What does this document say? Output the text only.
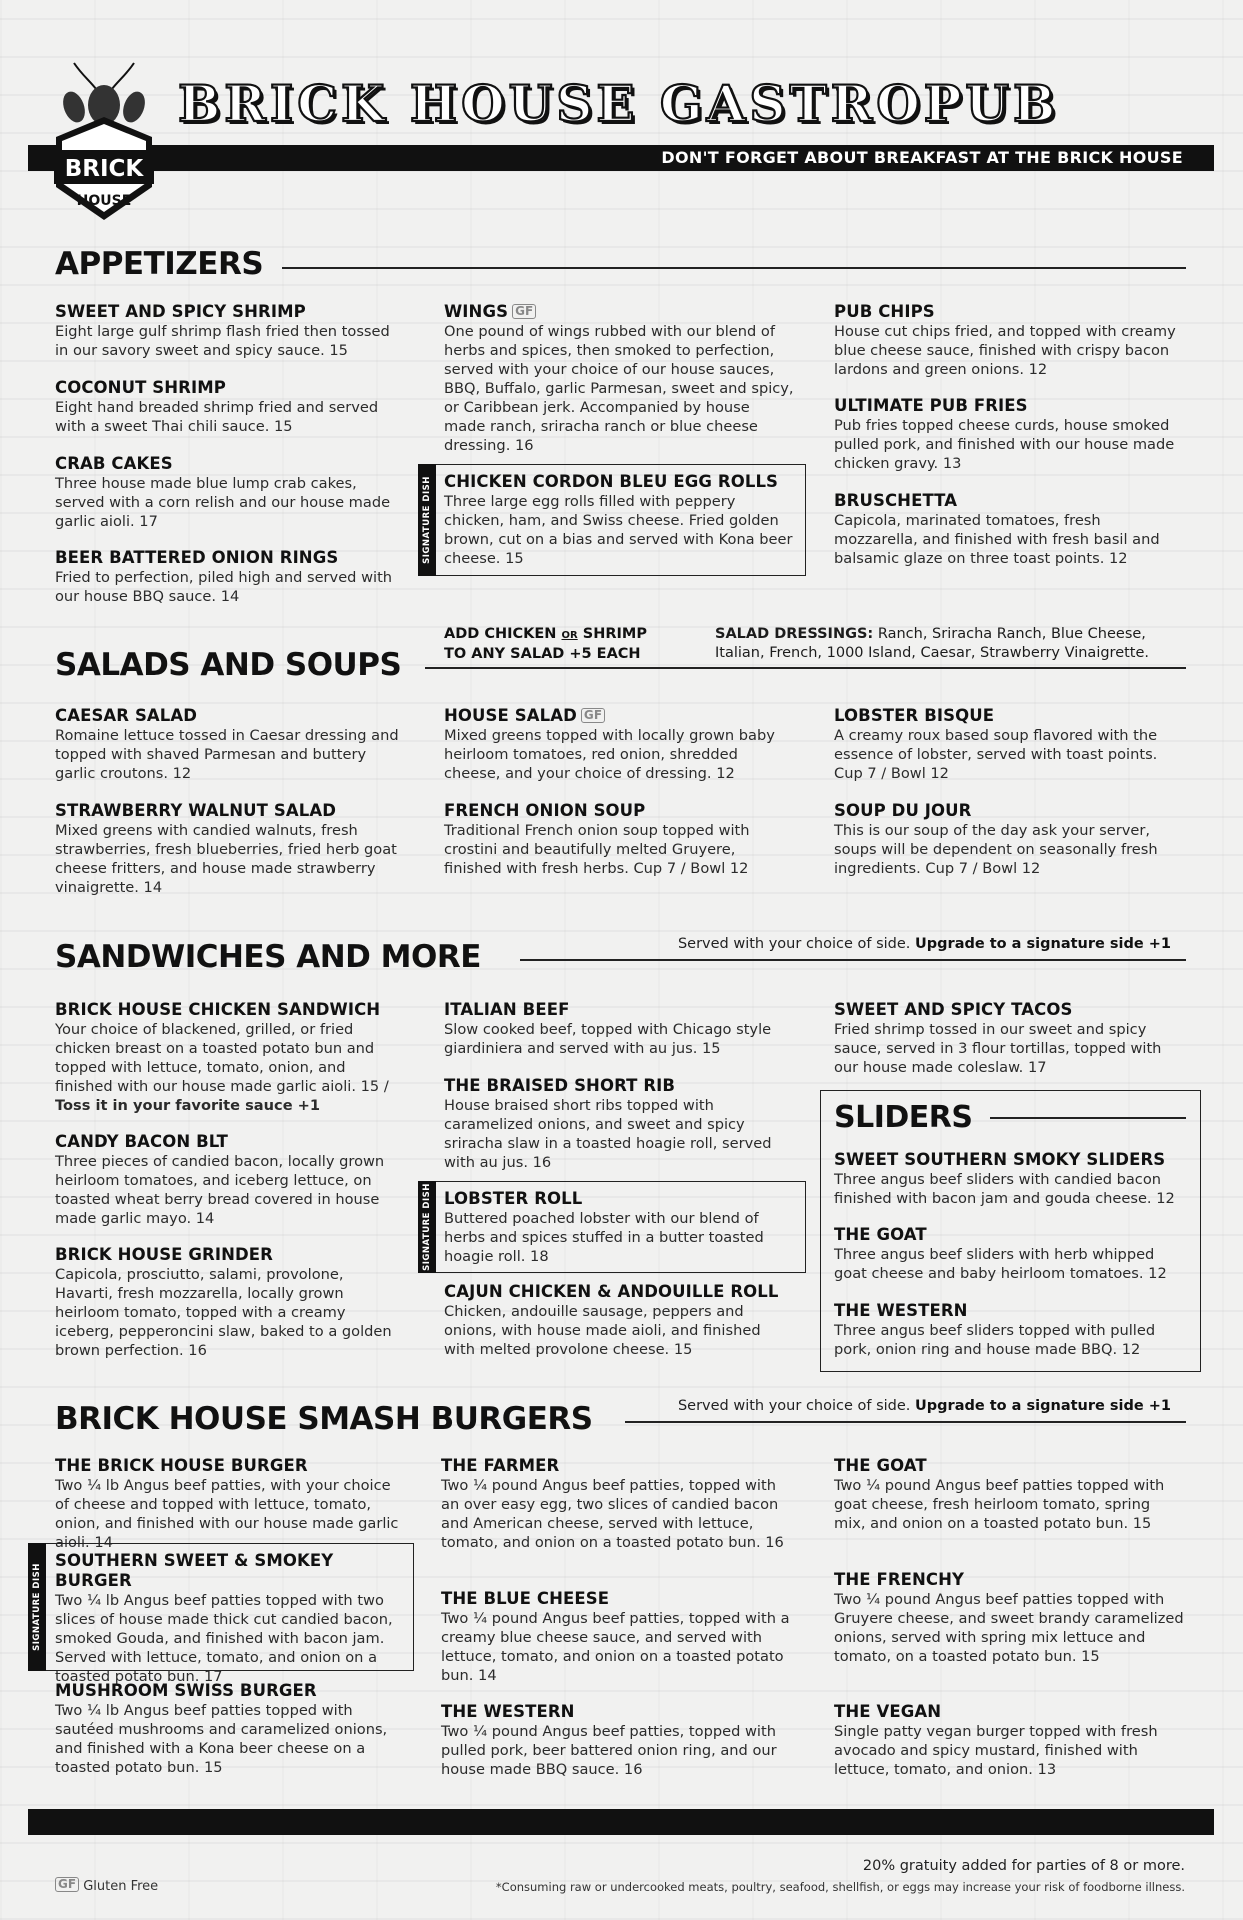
DON'T FORGET ABOUT BREAKFAST AT THE BRICK HOUSE
BRICK
HOUSE
BRICK HOUSE GASTROPUB
APPETIZERS
SWEET AND SPICY SHRIMP
Eight large gulf shrimp flash fried then tossed in our savory sweet and spicy sauce. 15
COCONUT SHRIMP
Eight hand breaded shrimp fried and served with a sweet Thai chili sauce. 15
CRAB CAKES
Three house made blue lump crab cakes, served with a corn relish and our house made garlic aioli. 17
BEER BATTERED ONION RINGS
Fried to perfection, piled high and served with our house BBQ sauce. 14
WINGS GF
One pound of wings rubbed with our blend of herbs and spices, then smoked to perfection, served with your choice of our house sauces, BBQ, Buffalo, garlic Parmesan, sweet and spicy, or Caribbean jerk. Accompanied by house made ranch, sriracha ranch or blue cheese dressing. 16
SIGNATURE DISH CHICKEN CORDON BLEU EGG ROLLS
Three large egg rolls filled with peppery chicken, ham, and Swiss cheese. Fried golden brown, cut on a bias and served with Kona beer cheese. 15
PUB CHIPS
House cut chips fried, and topped with creamy blue cheese sauce, finished with crispy bacon lardons and green onions. 12
ULTIMATE PUB FRIES
Pub fries topped cheese curds, house smoked pulled pork, and finished with our house made chicken gravy. 13
BRUSCHETTA
Capicola, marinated tomatoes, fresh mozzarella, and finished with fresh basil and balsamic glaze on three toast points. 12
SALADS AND SOUPS
ADD CHICKEN OR SHRIMP
TO ANY SALAD +5 EACH
SALAD DRESSINGS: Ranch, Sriracha Ranch, Blue Cheese,
Italian, French, 1000 Island, Caesar, Strawberry Vinaigrette.
CAESAR SALAD
Romaine lettuce tossed in Caesar dressing and topped with shaved Parmesan and buttery garlic croutons. 12
STRAWBERRY WALNUT SALAD
Mixed greens with candied walnuts, fresh strawberries, fresh blueberries, fried herb goat cheese fritters, and house made strawberry vinaigrette. 14
HOUSE SALAD GF
Mixed greens topped with locally grown baby heirloom tomatoes, red onion, shredded cheese, and your choice of dressing. 12
FRENCH ONION SOUP
Traditional French onion soup topped with crostini and beautifully melted Gruyere, finished with fresh herbs. Cup 7 / Bowl 12
LOBSTER BISQUE
A creamy roux based soup flavored with the essence of lobster, served with toast points. Cup 7 / Bowl 12
SOUP DU JOUR
This is our soup of the day ask your server, soups will be dependent on seasonally fresh ingredients. Cup 7 / Bowl 12
SANDWICHES AND MORE	Served with your choice of side. Upgrade to a signature side +1
BRICK HOUSE CHICKEN SANDWICH
Your choice of blackened, grilled, or fried chicken breast on a toasted potato bun and topped with lettuce, tomato, onion, and finished with our house made garlic aioli. 15 / Toss it in your favorite sauce +1
CANDY BACON BLT
Three pieces of candied bacon, locally grown heirloom tomatoes, and iceberg lettuce, on toasted wheat berry bread covered in house made garlic mayo. 14
BRICK HOUSE GRINDER
Capicola, prosciutto, salami, provolone, Havarti, fresh mozzarella, locally grown heirloom tomato, topped with a creamy iceberg, pepperoncini slaw, baked to a golden brown perfection. 16
ITALIAN BEEF
Slow cooked beef, topped with Chicago style giardiniera and served with au jus. 15
THE BRAISED SHORT RIB
House braised short ribs topped with caramelized onions, and sweet and spicy sriracha slaw in a toasted hoagie roll, served with au jus. 16
SIGNATURE DISH LOBSTER ROLL
Buttered poached lobster with our blend of herbs and spices stuffed in a butter toasted hoagie roll. 18
CAJUN CHICKEN & ANDOUILLE ROLL
Chicken, andouille sausage, peppers and onions, with house made aioli, and finished with melted provolone cheese. 15
SWEET AND SPICY TACOS
Fried shrimp tossed in our sweet and spicy sauce, served in 3 flour tortillas, topped with our house made coleslaw. 17
SLIDERS
SWEET SOUTHERN SMOKY SLIDERS
Three angus beef sliders with candied bacon finished with bacon jam and gouda cheese. 12
THE GOAT
Three angus beef sliders with herb whipped goat cheese and baby heirloom tomatoes. 12
THE WESTERN
Three angus beef sliders topped with pulled pork, onion ring and house made BBQ. 12
BRICK HOUSE SMASH BURGERS	Served with your choice of side. Upgrade to a signature side +1
THE BRICK HOUSE BURGER
Two ¼ lb Angus beef patties, with your choice of cheese and topped with lettuce, tomato, onion, and finished with our house made garlic aioli. 14
SIGNATURE DISH
SOUTHERN SWEET & SMOKEY BURGER
Two ¼ lb Angus beef patties topped with two slices of house made thick cut candied bacon, smoked Gouda, and finished with bacon jam. Served with lettuce, tomato, and onion on a toasted potato bun. 17
MUSHROOM SWISS BURGER
Two ¼ lb Angus beef patties topped with sautéed mushrooms and caramelized onions, and finished with a Kona beer cheese on a toasted potato bun. 15
THE FARMER
Two ¼ pound Angus beef patties, topped with an over easy egg, two slices of candied bacon and American cheese, served with lettuce, tomato, and onion on a toasted potato bun. 16
THE BLUE CHEESE
Two ¼ pound Angus beef patties, topped with a creamy blue cheese sauce, and served with lettuce, tomato, and onion on a toasted potato bun. 14
THE WESTERN
Two ¼ pound Angus beef patties, topped with pulled pork, beer battered onion ring, and our house made BBQ sauce. 16
THE GOAT
Two ¼ pound Angus beef patties topped with goat cheese, fresh heirloom tomato, spring mix, and onion on a toasted potato bun. 15
THE FRENCHY
Two ¼ pound Angus beef patties topped with Gruyere cheese, and sweet brandy caramelized onions, served with spring mix lettuce and tomato, on a toasted potato bun. 15
THE VEGAN
Single patty vegan burger topped with fresh avocado and spicy mustard, finished with lettuce, tomato, and onion. 13
GF Gluten Free
20% gratuity added for parties of 8 or more.
*Consuming raw or undercooked meats, poultry, seafood, shellfish, or eggs may increase your risk of foodborne illness.
